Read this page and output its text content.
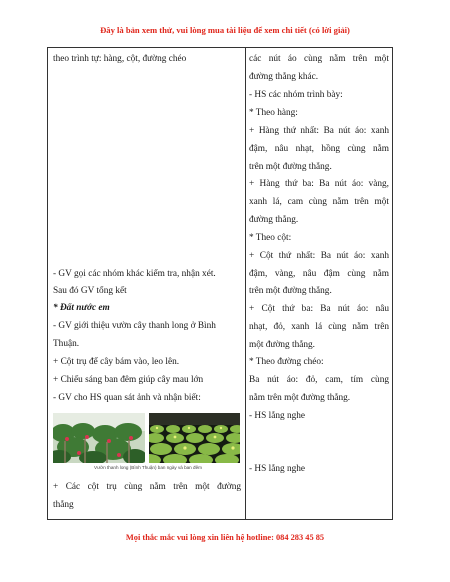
Đây là bản xem thử, vui lòng mua tài liệu để xem chi tiết (có lời giải)
theo trình tự: hàng, cột, đường chéo
- GV gọi các nhóm khác kiểm tra, nhận xét.
Sau đó GV tổng kết
* Đất nước em
- GV giới thiệu vườn cây thanh long ở Bình
Thuận.
+ Cột trụ để cây bám vào, leo lên.
+ Chiếu sáng ban đêm giúp cây mau lớn
- GV cho HS quan sát ảnh và nhận biết:
+ Các cột trụ cùng nằm trên một đường
thẳng
Vườn thanh long (Bình Thuận) ban ngày và ban đêm
các nút áo cùng nằm trên một
đường thẳng khác.
- HS các nhóm trình bày:
* Theo hàng:
+ Hàng thứ nhất: Ba nút áo: xanh
đậm, nâu nhạt, hồng cùng nằm
trên một đường thẳng.
+ Hàng thứ ba: Ba nút áo: vàng,
xanh lá, cam cùng nằm trên một
đường thẳng.
* Theo cột:
+ Cột thứ nhất: Ba nút áo: xanh
đậm, vàng, nâu đậm cùng nằm
trên một đường thẳng.
+ Cột thứ ba: Ba nút áo: nâu
nhạt, đỏ, xanh lá cùng nằm trên
một đường thẳng.
* Theo đường chéo:
Ba nút áo: đỏ, cam, tím cùng
nằm trên một đường thẳng.
- HS lắng nghe
- HS lắng nghe
Mọi thắc mắc vui lòng xin liên hệ hotline: 084 283 45 85
